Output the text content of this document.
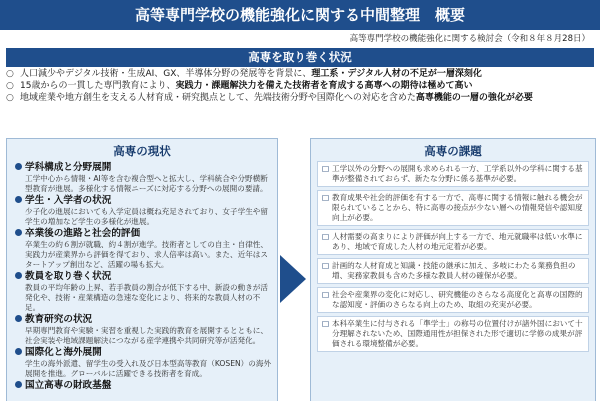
高等専門学校の機能強化に関する中間整理　概要
高等専門学校の機能強化に関する検討会（令和８年８月28日）
高専を取り巻く状況
○ 人口減少やデジタル技術・生成AI、GX、半導体分野の発展等を背景に、理工系・デジタル人材の不足が一層深刻化
○ 15歳からの一貫した専門教育により、実践力・課題解決力を備えた技術者を育成する高専への期待は極めて高い
○ 地域産業や地方創生を支える人材育成・研究拠点として、先端技術分野や国際化への対応を含めた高専機能の一層の強化が必要
高専の現状
学科構成と分野展開
工学中心から情報・AI等を含む複合型へと拡大し、学科統合や分野横断型教育が進展。多様化する情報ニーズに対応する分野への展開の要請。
学生・入学者の状況
少子化の進展においても入学定員は概ね充足されており、女子学生や留学生の増加など学生の多様化が進展。
卒業後の進路と社会的評価
卒業生の約６割が就職、約４割が進学。技術者としての自主・自律性、実践力が産業界から評価を得ており、求人倍率は高い。また、近年はスタートアップ創出など、活躍の場も拡大。
教員を取り巻く状況
教員の平均年齢の上昇、若手教員の割合が低下する中、新設の動きが活発化や、技術・産業構造の急速な変化により、将来的な教員人材の不足。
教育研究の状況
早期専門教育や実験・実習を重視した実践的教育を展開するとともに、社会実装や地域課題解決につながる産学連携や共同研究等が活発化。
国際化と海外展開
学生の海外派遣、留学生の受入れ及び日本型高等教育（KOSEN）の海外展開を推進。グローバルに活躍できる技術者を育成。
国立高専の財政基盤
高専の課題
□ 工学以外の分野への展開も求められる一方、工学系以外の学科に関する基準が整備されておらず、新たな分野に係る基準が必要。
□ 教育成果や社会的評価を有する一方で、高専に関する情報に触れる機会が限られていることから、特に高専の接点が少ない層への情報発信や認知度向上が必要。
□ 人材需要の高まりにより評価が向上する一方で、地元就職率は低い水準にあり、地域で育成した人材の地元定着が必要。
□ 計画的な人材育成と知識・技能の継承に加え、多岐にわたる業務負担の増、実務家教員も含めた多様な教員人材の確保が必要。
□ 社会や産業界の変化に対応し、研究機能のさらなる高度化と高専の国際的な認知度・評価のさらなる向上のため、取組の充実が必要。
□ 本科卒業生に付与される「準学士」の称号の位置付けが諸外国において十分理解されないため、国際通用性が担保された形で適切に学修の成果が評価される環境整備が必要。
